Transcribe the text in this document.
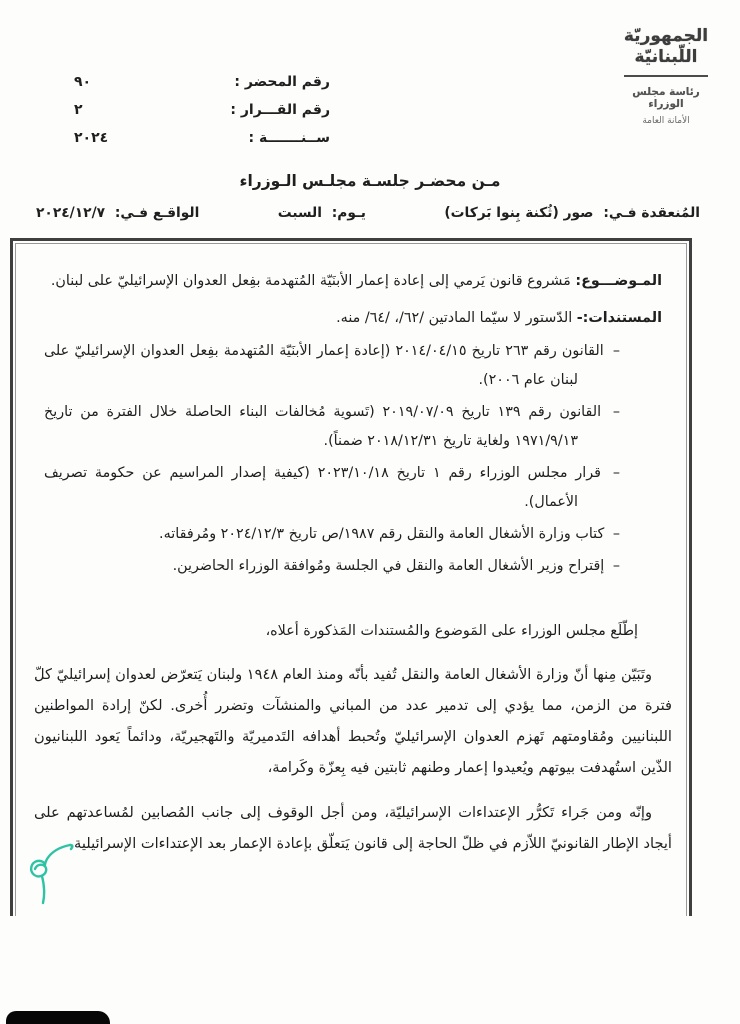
الجمهوريّة
اللّبنانيّة
رئاسة مجلس الوزراء
الأمانة العامة
رقم المحضر :
٩٠
رقم القـــرار :
٢
ســنـــــــة :
٢٠٢٤
مـن محضـر جلسـة مجلـس الـوزراء
المُنعقدة فـي: صور (ثُكنة بِنوا بَركات)
يـوم: السبت
الواقـع فـي: ٢٠٢٤/١٢/٧

المـوضـــوع: مَشروع قانون يَرمي إلى إعادة إعمار الأبنَيّة المُتهدمة بفِعل العدوان الإسرائيليّ على لبنان.

المستندات:- الدّستور لا سيّما المادتين /٦٢/، /٦٤/ منه.

– القانون رقم ٢٦٣ تاريخ ٢٠١٤/٠٤/١٥ (إعادة إعمار الأبنَيّة المُتهدمة بفِعل العدوان الإسرائيليّ على لبنان عام ٢٠٠٦).

– القانون رقم ١٣٩ تاريخ ٢٠١٩/٠٧/٠٩ (تَسوية مُخالفات البناء الحاصلة خلال الفترة من تاريخ ١٩٧١/٩/١٣ ولغاية تاريخ ٢٠١٨/١٢/٣١ ضمناً).

– قرار مجلس الوزراء رقم ١ تاريخ ٢٠٢٣/١٠/١٨ (كيفية إصدار المراسيم عن حكومة تصريف الأعمال).

– كتاب وزارة الأشغال العامة والنقل رقم ١٩٨٧/ص تاريخ ٢٠٢٤/١٢/٣ ومُرفقاته.

– إقتراح وزير الأشغال العامة والنقل في الجلسة ومُوافقة الوزراء الحاضرين.

إطّلَع مجلس الوزراء على المَوضوع والمُستندات المَذكورة أعلاه،

وتَبَيّن مِنها أنّ وزارة الأشغال العامة والنقل تُفيد بأنّه ومنذ العام ١٩٤٨ ولبنان يَتعرّض لعدوان إسرائيليّ كلّ فترة من الزمن، مما يؤدي إلى تدمير عدد من المباني والمنشآت وتضرر أُخرى. لكنّ إرادة المواطنين اللبنانيين ومُقاومتهم تَهزم العدوان الإسرائيليّ وتُحبط أهدافه التَدميريّة والتَهجيريّة، ودائماً يَعود اللبنانيون الذّين استُهدفت بيوتهم ويُعيدوا إعمار وطنهم ثابتين فيه بِعزّة وكَرامة،

وإنّه ومن جَراء تَكرُّر الإعتداءات الإسرائيليّة، ومن أجل الوقوف إلى جانب المُصابين لمُساعدتهم على أيجاد الإطار القانونيّ اللاّزم في ظلّ الحاجة إلى قانون يَتعلّق بإعادة الإعمار بعد الإعتداءات الإسرائيلية،
